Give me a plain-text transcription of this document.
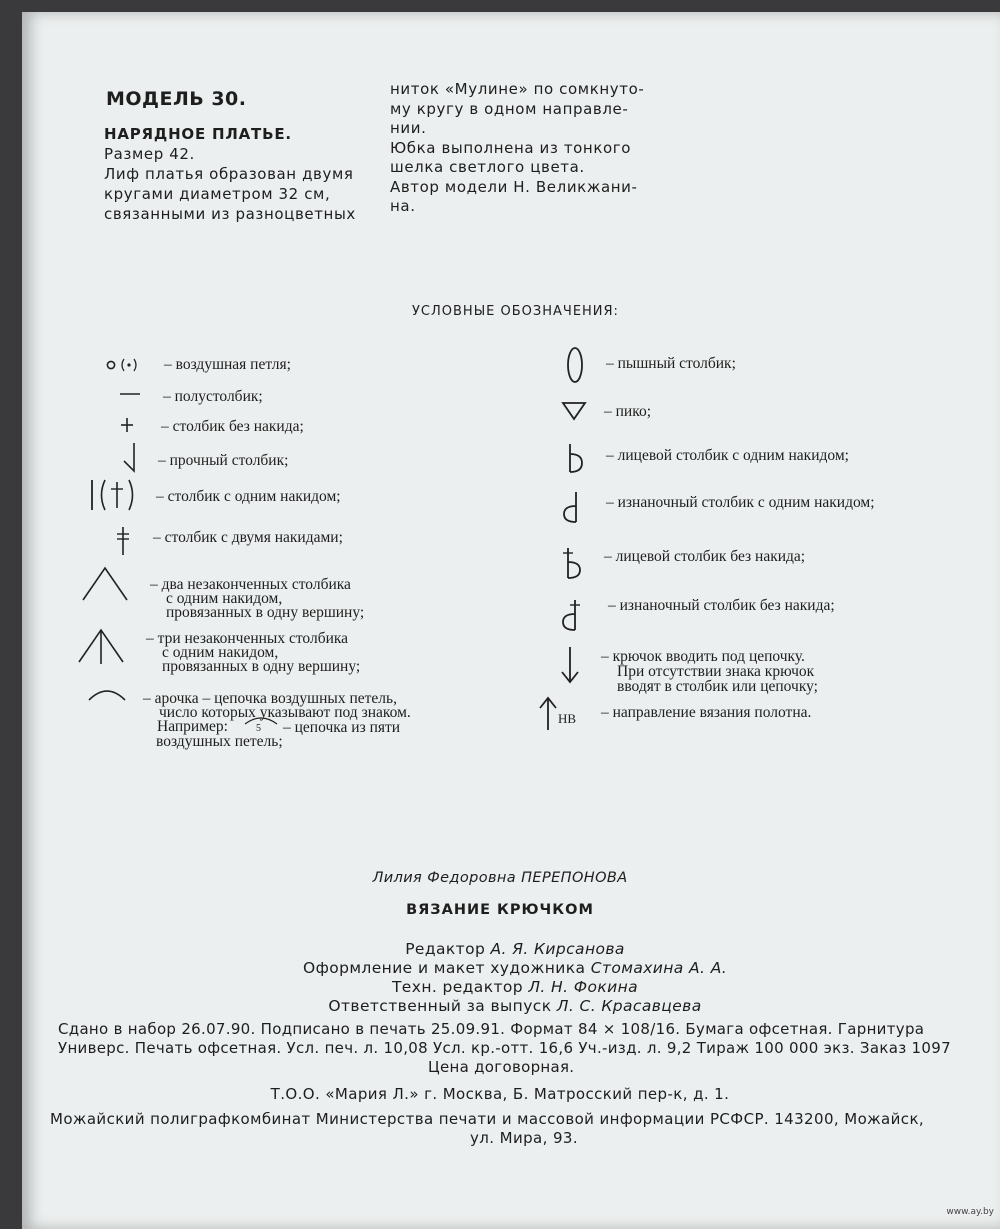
МОДЕЛЬ 30.
НАРЯДНОЕ ПЛАТЬЕ.
Размер 42.
Лиф платья образован двумя
кругами диаметром 32 см,
связанными из разноцветных
ниток «Мулине» по сомкнуто-
му кругу в одном направле-
нии.
Юбка выполнена из тонкого
шелка светлого цвета.
Автор модели Н. Великжани-
на.
УСЛОВНЫЕ ОБОЗНАЧЕНИЯ:
– воздушная петля;
– полустолбик;
– столбик без накида;
– прочный столбик;
– столбик с одним накидом;
– столбик с двумя накидами;
– два незаконченных столбика
с одним накидом,
провязанных в одну вершину;
– три незаконченных столбика
с одним накидом,
провязанных в одну вершину;
– арочка – цепочка воздушных петель,
число которых указывают под знаком.
Например:	5 – цепочка из пяти
воздушных петель;
– пышный столбик;
– пико;
– лицевой столбик с одним накидом;
– изнаночный столбик с одним накидом;
– лицевой столбик без накида;
– изнаночный столбик без накида;
– крючок вводить под цепочку.
При отсутствии знака крючок
вводят в столбик или цепочку;
НВ – направление вязания полотна.
Лилия Федоровна ПЕРЕПОНОВА
ВЯЗАНИЕ КРЮЧКОМ
Редактор А. Я. Кирсанова
Оформление и макет художника Стомахина А. А.
Техн. редактор Л. Н. Фокина
Ответственный за выпуск Л. С. Красавцева
Сдано в набор 26.07.90. Подписано в печать 25.09.91. Формат 84 × 108/16. Бумага офсетная. Гарнитура
Универс. Печать офсетная. Усл. печ. л. 10,08 Усл. кр.-отт. 16,6 Уч.-изд. л. 9,2 Тираж 100 000 экз. Заказ 1097
Цена договорная.
Т.О.О. «Мария Л.» г. Москва, Б. Матросский пер-к, д. 1.
Можайский полиграфкомбинат Министерства печати и массовой информации РСФСР. 143200, Можайск,
ул. Мира, 93.
www.ay.by
